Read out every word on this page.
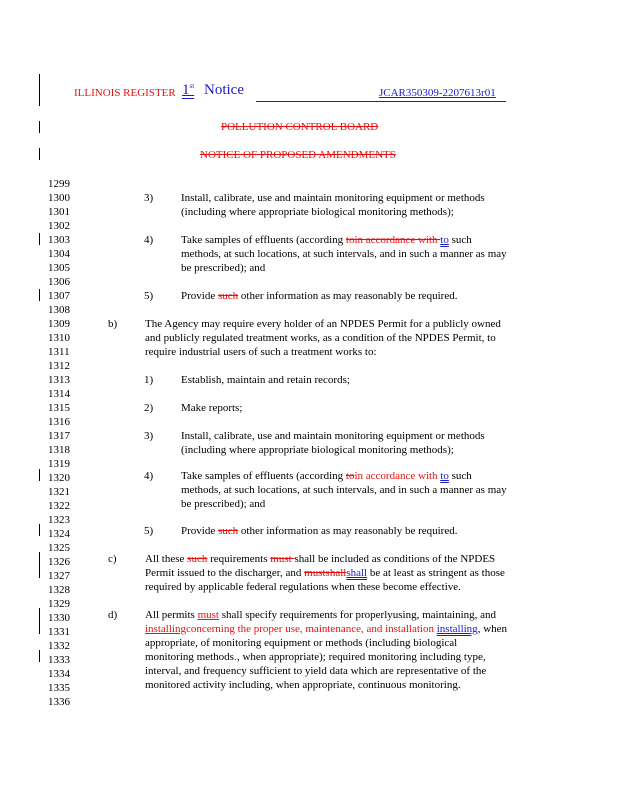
ILLINOIS REGISTER 1st Notice	JCAR350309-2207613r01
POLLUTION CONTROL BOARD
NOTICE OF PROPOSED AMENDMENTS
1299
1300
1301
1302
1303
1304
1305
1306
1307
1308
1309
1310
1311
1312
1313
1314
1315
1316
1317
1318
1319
1320
1321
1322
1323
1324
1325
1326
1327
1328
1329
1330
1331
1332
1333
1334
1335
1336
3)	Install, calibrate, use and maintain monitoring equipment or methods
(including where appropriate biological monitoring methods);
4)	Take samples of effluents (according toin accordance with to such
methods, at such locations, at such intervals, and in such a manner as may
be prescribed); and
5)	Provide such other information as may reasonably be required.
b)	The Agency may require every holder of an NPDES Permit for a publicly owned
and publicly regulated treatment works, as a condition of the NPDES Permit, to
require industrial users of such a treatment works to:
1)	Establish, maintain and retain records;
2)	Make reports;
3)	Install, calibrate, use and maintain monitoring equipment or methods
(including where appropriate biological monitoring methods);
4)	Take samples of effluents (according toin accordance with to such
methods, at such locations, at such intervals, and in such a manner as may
be prescribed); and
5)	Provide such other information as may reasonably be required.
c)	All these such requirements must shall be included as conditions of the NPDES
Permit issued to the discharger, and mustshallshall be at least as stringent as those
required by applicable federal regulations when these become effective.
d)	All permits must shall specify requirements for properlyusing, maintaining, and
installingconcerning the proper use, maintenance, and installation installing, when
appropriate, of monitoring equipment or methods (including biological
monitoring methods․, when appropriate); required monitoring including type,
interval, and frequency sufficient to yield data which are representative of the
monitored activity including, when appropriate, continuous monitoring.
